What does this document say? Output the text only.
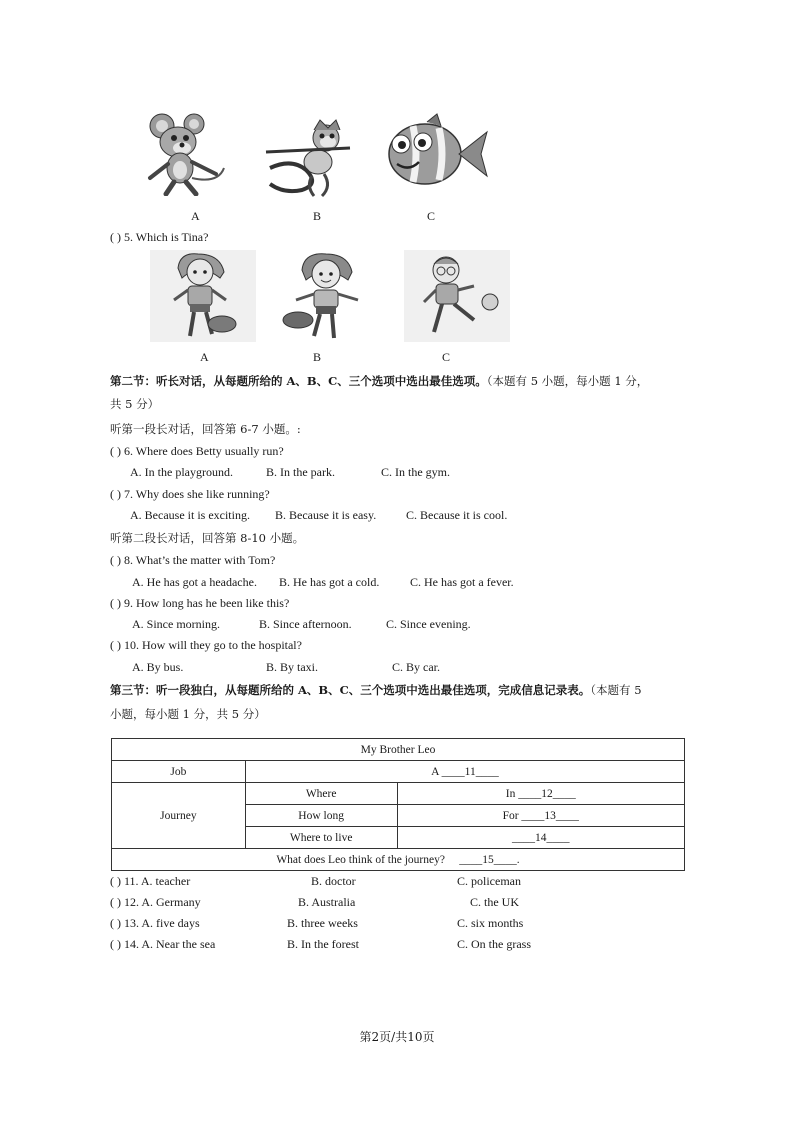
A	B	C
( ) 5. Which is Tina?
A	B	C
第二节：听长对话，从每题所给的 A、B、C、三个选项中选出最佳选项。（本题有 5 小题，每小题 1 分，
共 5 分）
听第一段长对话，回答第 6-7 小题。:
( ) 6. Where does Betty usually run?
A. In the playground.	B. In the park.	C. In the gym.
( ) 7. Why does she like running?
A. Because it is exciting. B. Because it is easy. C. Because it is cool.
听第二段长对话，回答第 8-10 小题。
( ) 8. What’s the matter with Tom?
A. He has got a headache. B. He has got a cold.	C. He has got a fever.
( ) 9. How long has he been like this?
A. Since morning.	B. Since afternoon.	C. Since evening.
( ) 10. How will they go to the hospital?
A. By bus.	B. By taxi.	C. By car.
第三节：听一段独白，从每题所给的 A、B、C、三个选项中选出最佳选项，完成信息记录表。（本题有 5
小题，每小题 1 分，共 5 分）
My Brother Leo		
Job	A ____11____	
Journey	Where	In ____12____
	How long	For ____13____
	Where to live	____14____
What does Leo think of the journey?     ____15____.		
( ) 11. A. teacher	B. doctor	C. policeman
( ) 12. A. Germany	B. Australia	C. the UK
( ) 13. A. five days	B. three weeks	C. six months
( ) 14. A. Near the sea	B. In the forest	C. On the grass
第2页/共10页
